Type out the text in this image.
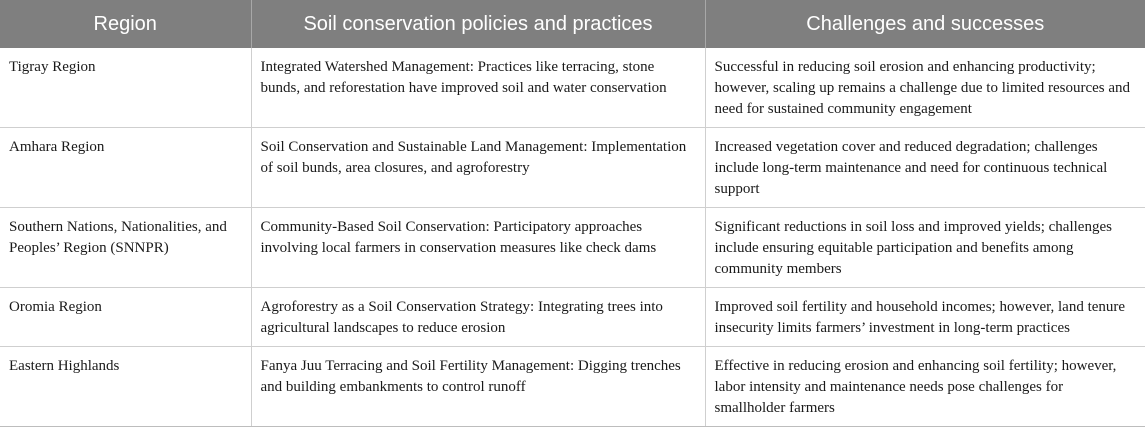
Region	Soil conservation policies and practices	Challenges and successes
Tigray Region	Integrated Watershed Management: Practices like terracing, stone bunds, and reforestation have improved soil and water conservation	Successful in reducing soil erosion and enhancing productivity; however, scaling up remains a challenge due to limited resources and need for sustained community engagement
Amhara Region	Soil Conservation and Sustainable Land Management: Implementation of soil bunds, area closures, and agroforestry	Increased vegetation cover and reduced degradation; challenges include long-term maintenance and need for continuous technical support
Southern Nations, Nationalities, and Peoples’ Region (SNNPR)	Community-Based Soil Conservation: Participatory approaches involving local farmers in conservation measures like check dams	Significant reductions in soil loss and improved yields; challenges include ensuring equitable participation and benefits among community members
Oromia Region	Agroforestry as a Soil Conservation Strategy: Integrating trees into agricultural landscapes to reduce erosion	Improved soil fertility and household incomes; however, land tenure insecurity limits farmers’ investment in long-term practices
Eastern Highlands	Fanya Juu Terracing and Soil Fertility Management: Digging trenches and building embankments to control runoff	Effective in reducing erosion and enhancing soil fertility; however, labor intensity and maintenance needs pose challenges for smallholder farmers
